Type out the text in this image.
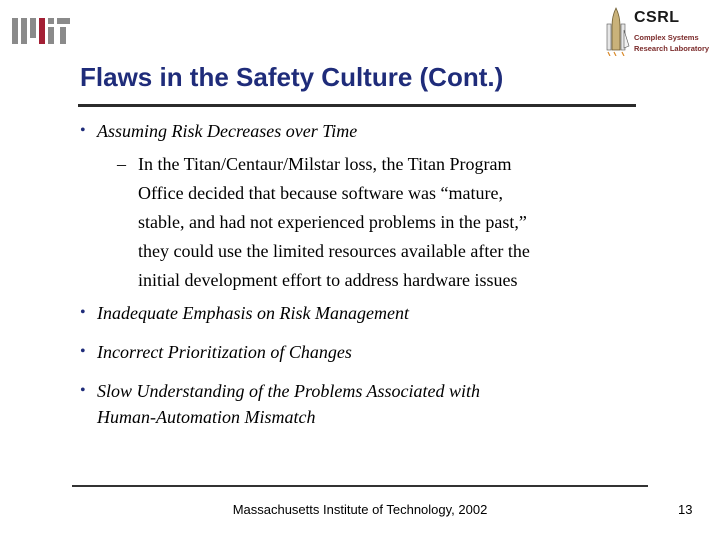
CSRL
Complex Systems
Research Laboratory
Flaws in the Safety Culture (Cont.)
• Assuming Risk Decreases over Time
– In the Titan/Centaur/Milstar loss, the Titan Program
Office decided that because software was “mature,
stable, and had not experienced problems in the past,”
they could use the limited resources available after the
initial development effort to address hardware issues
• Inadequate Emphasis on Risk Management
• Incorrect Prioritization of Changes
• Slow Understanding of the Problems Associated with
Human-Automation Mismatch
Massachusetts Institute of Technology, 2002	13
